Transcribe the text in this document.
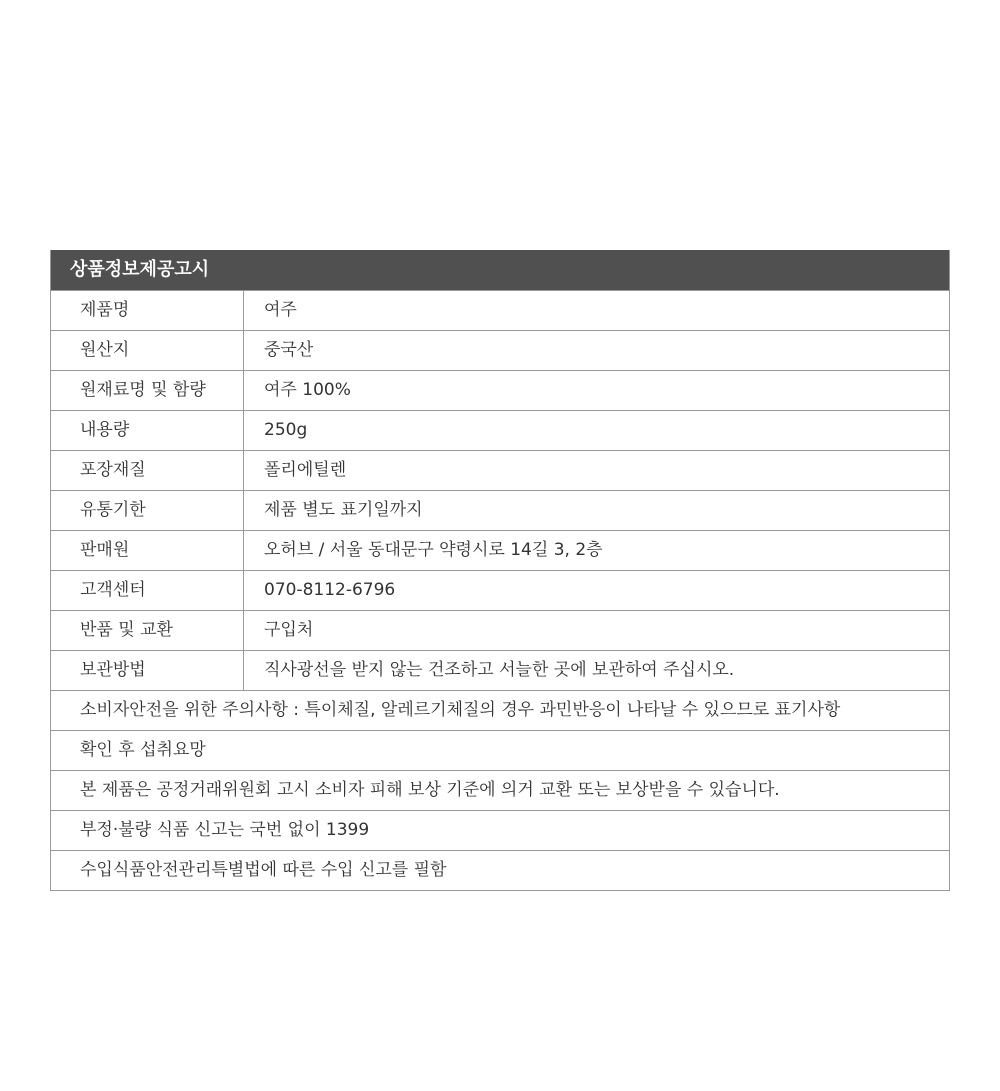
상품정보제공고시
제품명	여주
원산지	중국산
원재료명 및 함량	여주 100%
내용량	250g
포장재질	폴리에틸렌
유통기한	제품 별도 표기일까지
판매원	오허브 / 서울 동대문구 약령시로 14길 3, 2층
고객센터	070-8112-6796
반품 및 교환	구입처
보관방법	직사광선을 받지 않는 건조하고 서늘한 곳에 보관하여 주십시오.
소비자안전을 위한 주의사항 : 특이체질, 알레르기체질의 경우 과민반응이 나타날 수 있으므로 표기사항
확인 후 섭취요망
본 제품은 공정거래위원회 고시 소비자 피해 보상 기준에 의거 교환 또는 보상받을 수 있습니다.
부정·불량 식품 신고는 국번 없이 1399
수입식품안전관리특별법에 따른 수입 신고를 필함
